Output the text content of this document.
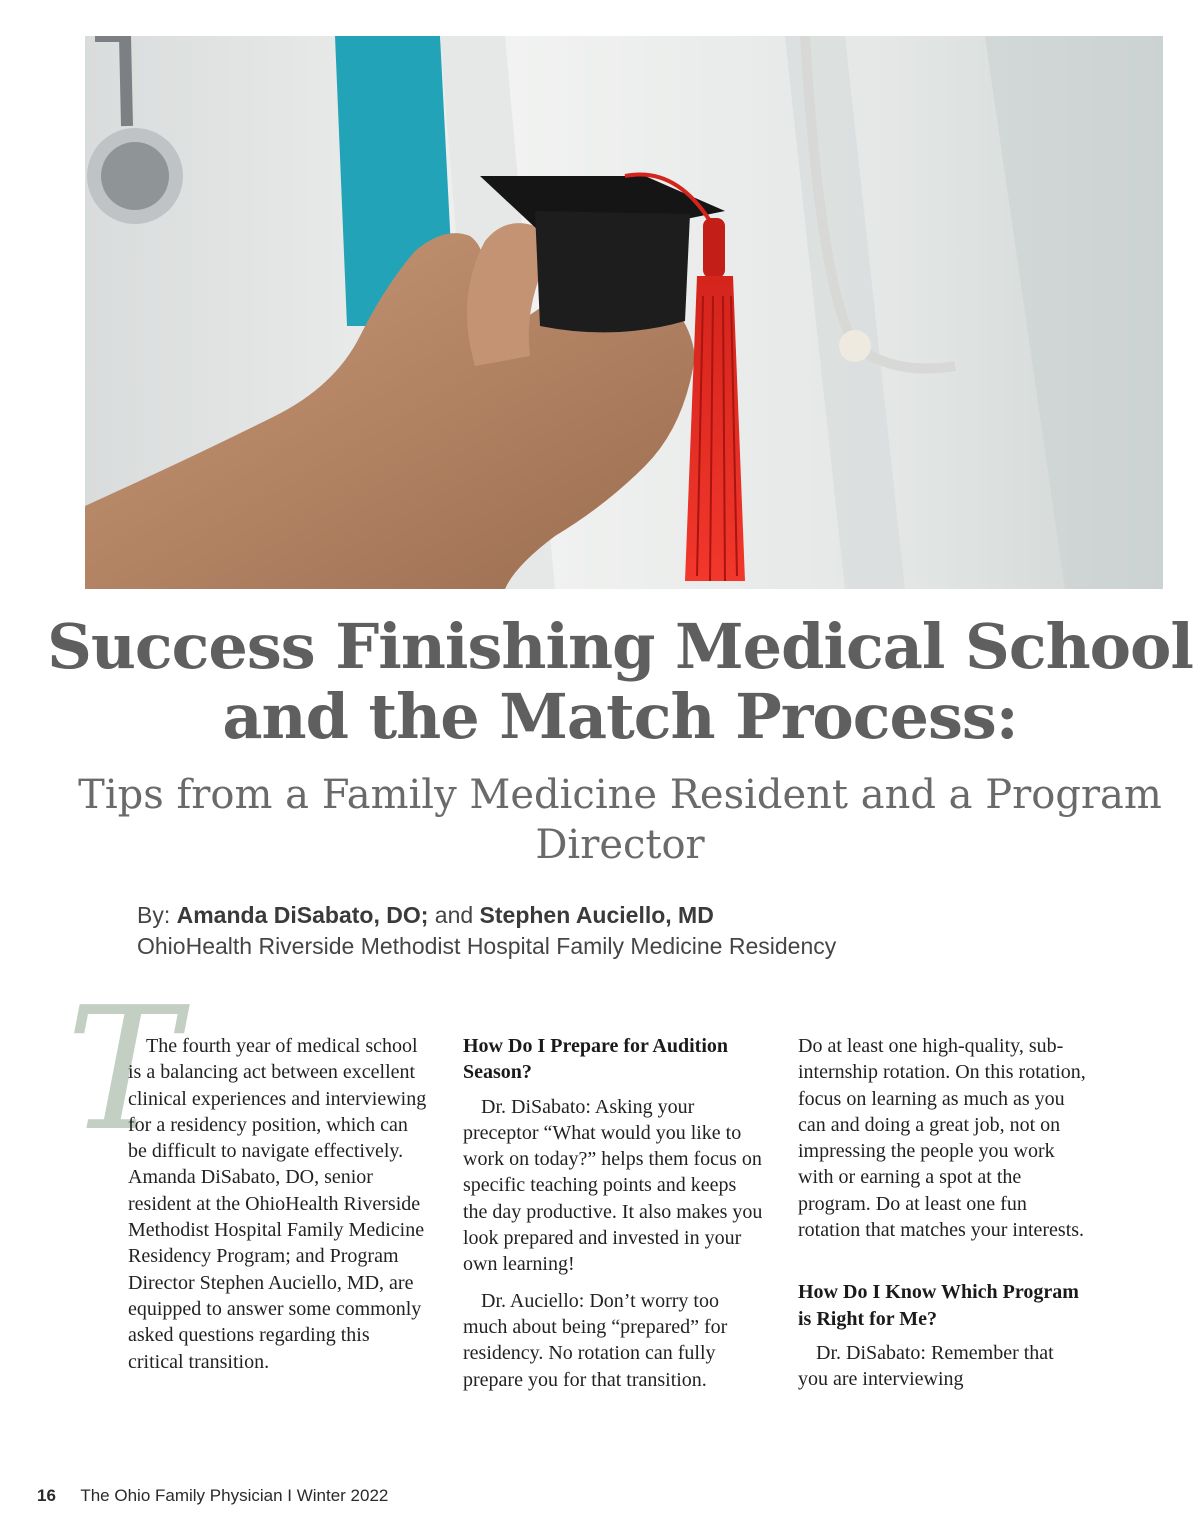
Success Finishing Medical School and the Match Process:
Tips from a Family Medicine Resident and a Program Director
By: Amanda DiSabato, DO; and Stephen Auciello, MD
OhioHealth Riverside Methodist Hospital Family Medicine Residency
T

The fourth year of medical school is a balancing act between excellent clinical experiences and interviewing for a residency position, which can be difficult to navigate effectively. Amanda DiSabato, DO, senior resident at the OhioHealth Riverside Methodist Hospital Family Medicine Residency Program; and Program Director Stephen Auciello, MD, are equipped to answer some commonly asked questions regarding this critical transition.

How Do I Prepare for Audition Season?

Dr. DiSabato: Asking your preceptor “What would you like to work on today?” helps them focus on specific teaching points and keeps the day productive. It also makes you look prepared and invested in your own learning!

Dr. Auciello: Don’t worry too much about being “prepared” for residency. No rotation can fully prepare you for that transition.

Do at least one high-quality, sub-internship rotation. On this rotation, focus on learning as much as you can and doing a great job, not on impressing the people you work with or earning a spot at the program. Do at least one fun rotation that matches your interests.

How Do I Know Which Program is Right for Me?

Dr. DiSabato: Remember that you are interviewing

16 The Ohio Family Physician I Winter 2022
